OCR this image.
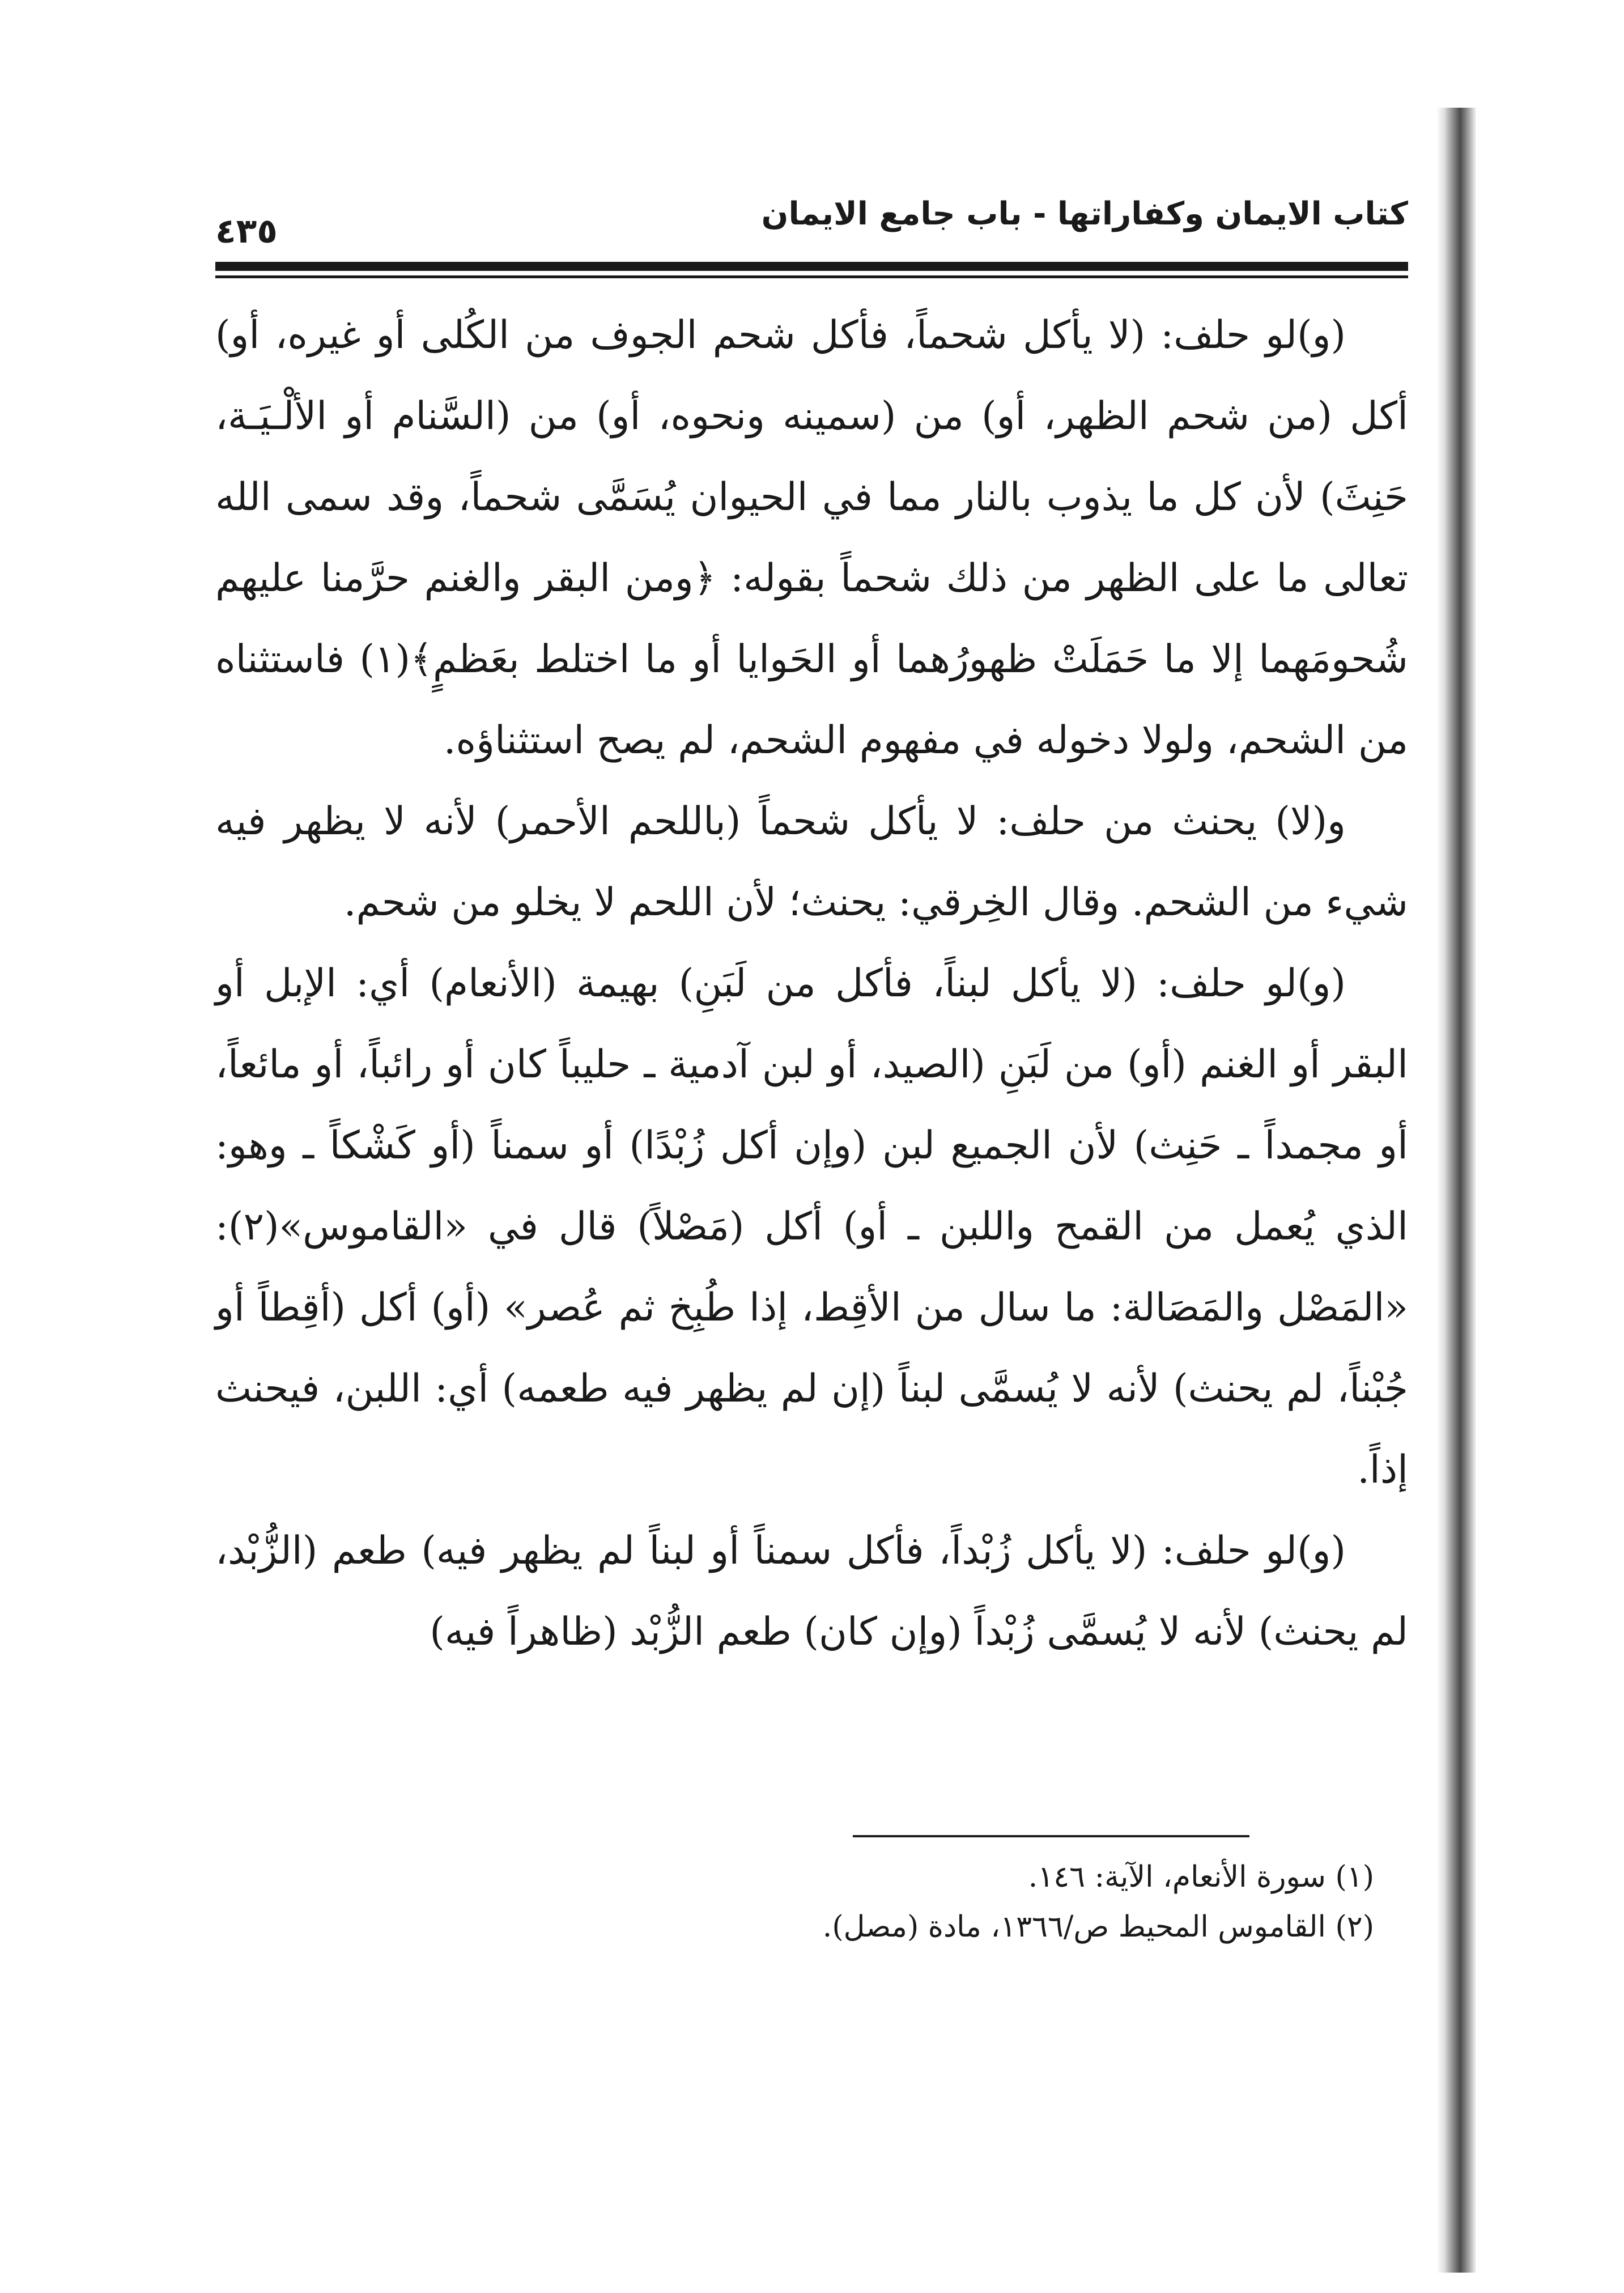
كتاب الايمان وكفاراتها - باب جامع الايمان
٤٣٥

(و)لو حلف: (لا يأكل شحماً، فأكل شحم الجوف من الكُلى أو غيره، أو) أكل (من شحم الظهر، أو) من (سمينه ونحوه، أو) من (السَّنام أو الألْـيَـة، حَنِثَ) لأن كل ما يذوب بالنار مما في الحيوان يُسَمَّى شحماً، وقد سمى الله تعالى ما على الظهر من ذلك شحماً بقوله: ﴿ومن البقر والغنم حرَّمنا عليهم شُحومَهما إلا ما حَمَلَتْ ظهورُهما أو الحَوايا أو ما اختلط بعَظمٍ﴾(١) فاستثناه من الشحم، ولولا دخوله في مفهوم الشحم، لم يصح استثناؤه.

و(لا) يحنث من حلف: لا يأكل شحماً (باللحم الأحمر) لأنه لا يظهر فيه شيء من الشحم. وقال الخِرقي: يحنث؛ لأن اللحم لا يخلو من شحم.

(و)لو حلف: (لا يأكل لبناً، فأكل من لَبَنِ) بهيمة (الأنعام) أي: الإبل أو البقر أو الغنم (أو) من لَبَنِ (الصيد، أو لبن آدمية ـ حليباً كان أو رائباً، أو مائعاً، أو مجمداً ـ حَنِث) لأن الجميع لبن (وإن أكل زُبْدًا) أو سمناً (أو كَشْكاً ـ وهو: الذي يُعمل من القمح واللبن ـ أو) أكل (مَصْلاً) قال في «القاموس»(٢): «المَصْل والمَصَالة: ما سال من الأقِط، إذا طُبِخ ثم عُصر» (أو) أكل (أقِطاً أو جُبْناً، لم يحنث) لأنه لا يُسمَّى لبناً (إن لم يظهر فيه طعمه) أي: اللبن، فيحنث إذاً.

(و)لو حلف: (لا يأكل زُبْداً، فأكل سمناً أو لبناً لم يظهر فيه) طعم (الزُّبْد، لم يحنث) لأنه لا يُسمَّى زُبْداً (وإن كان) طعم الزُّبْد (ظاهراً فيه)

(١) سورة الأنعام، الآية: ١٤٦.

(٢) القاموس المحيط ص/١٣٦٦، مادة (مصل).
